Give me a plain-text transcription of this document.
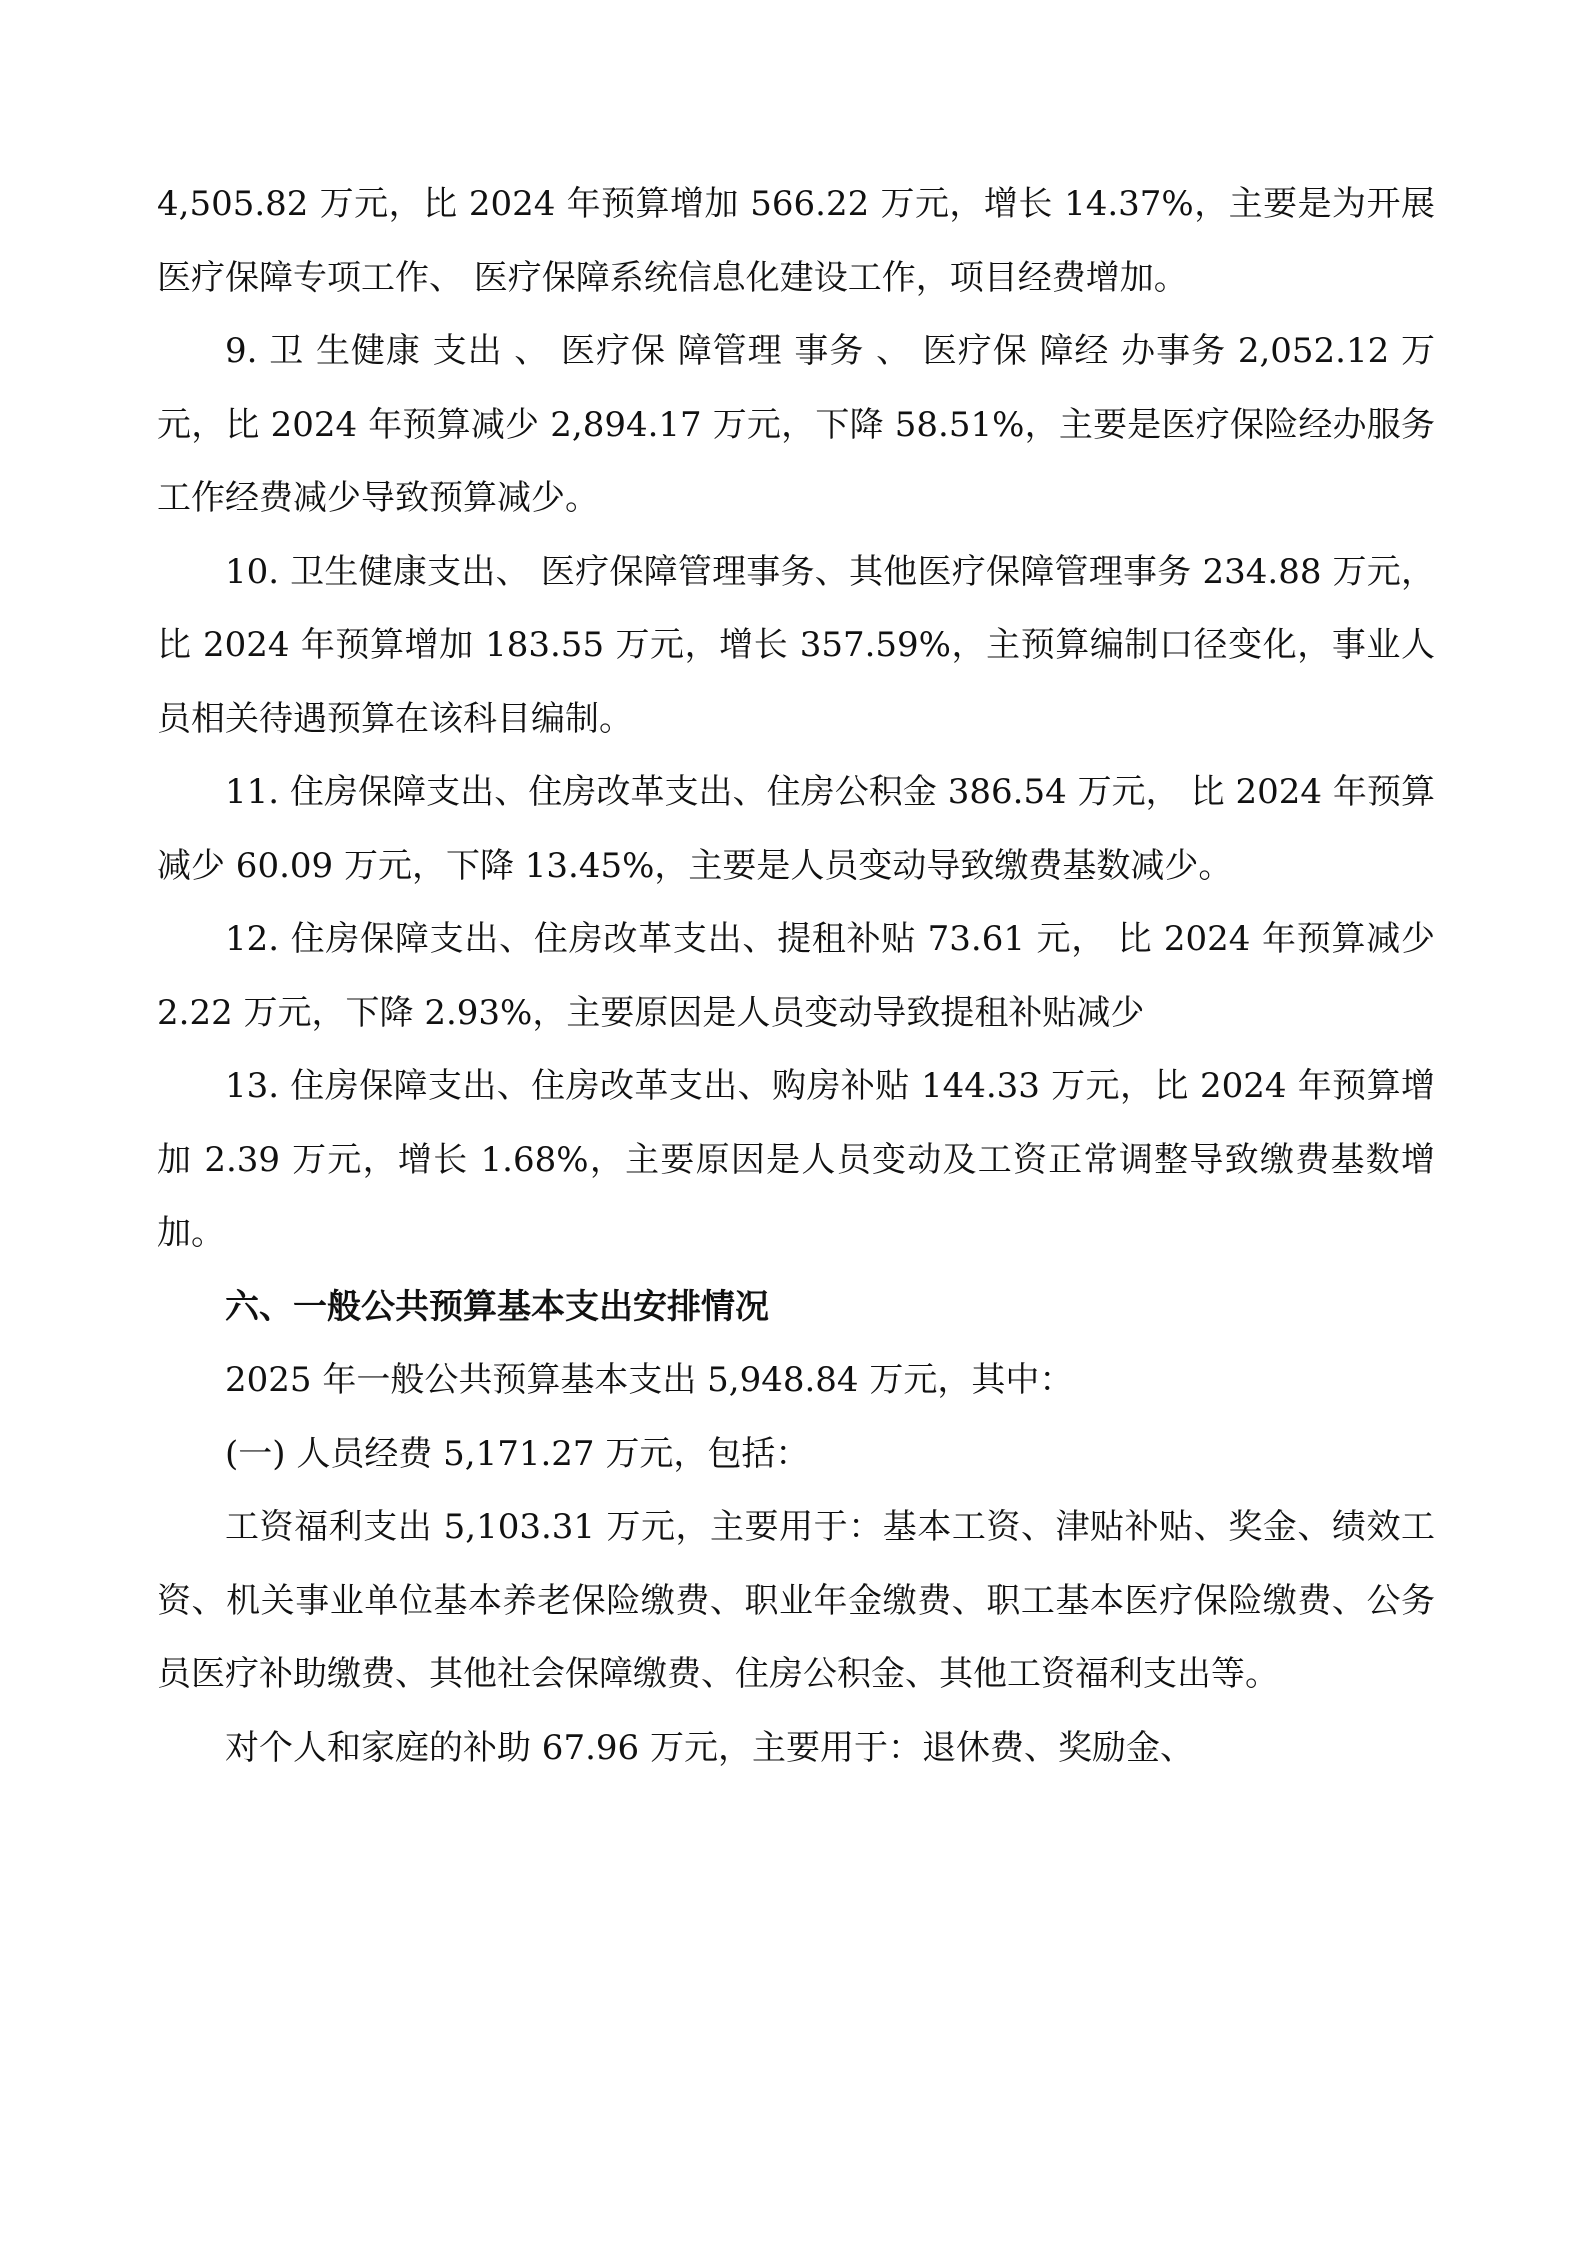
4,505.82 万元，比 2024 年预算增加 566.22 万元，增长 14.37%，主要是为开展医疗保障专项工作、 医疗保障系统信息化建设工作，项目经费增加。

9. 卫 生健康 支出 、 医疗保 障管理 事务 、 医疗保 障经 办事务 2,052.12 万元，比 2024 年预算减少 2,894.17 万元，下降 58.51%，主要是医疗保险经办服务工作经费减少导致预算减少。

10. 卫生健康支出、 医疗保障管理事务、其他医疗保障管理事务 234.88 万元， 比 2024 年预算增加 183.55 万元，增长 357.59%，主预算编制口径变化，事业人员相关待遇预算在该科目编制。

11. 住房保障支出、住房改革支出、住房公积金 386.54 万元， 比 2024 年预算减少 60.09 万元，下降 13.45%，主要是人员变动导致缴费基数减少。

12. 住房保障支出、住房改革支出、提租补贴 73.61 元， 比 2024 年预算减少 2.22 万元，下降 2.93%，主要原因是人员变动导致提租补贴减少

13. 住房保障支出、住房改革支出、购房补贴 144.33 万元，比 2024 年预算增加 2.39 万元，增长 1.68%，主要原因是人员变动及工资正常调整导致缴费基数增加。

六、一般公共预算基本支出安排情况

2025 年一般公共预算基本支出 5,948.84 万元，其中：

(一) 人员经费 5,171.27 万元，包括：

工资福利支出 5,103.31 万元，主要用于：基本工资、津贴补贴、奖金、绩效工资、机关事业单位基本养老保险缴费、职业年金缴费、职工基本医疗保险缴费、公务员医疗补助缴费、其他社会保障缴费、住房公积金、其他工资福利支出等。

对个人和家庭的补助 67.96 万元，主要用于：退休费、奖励金、
